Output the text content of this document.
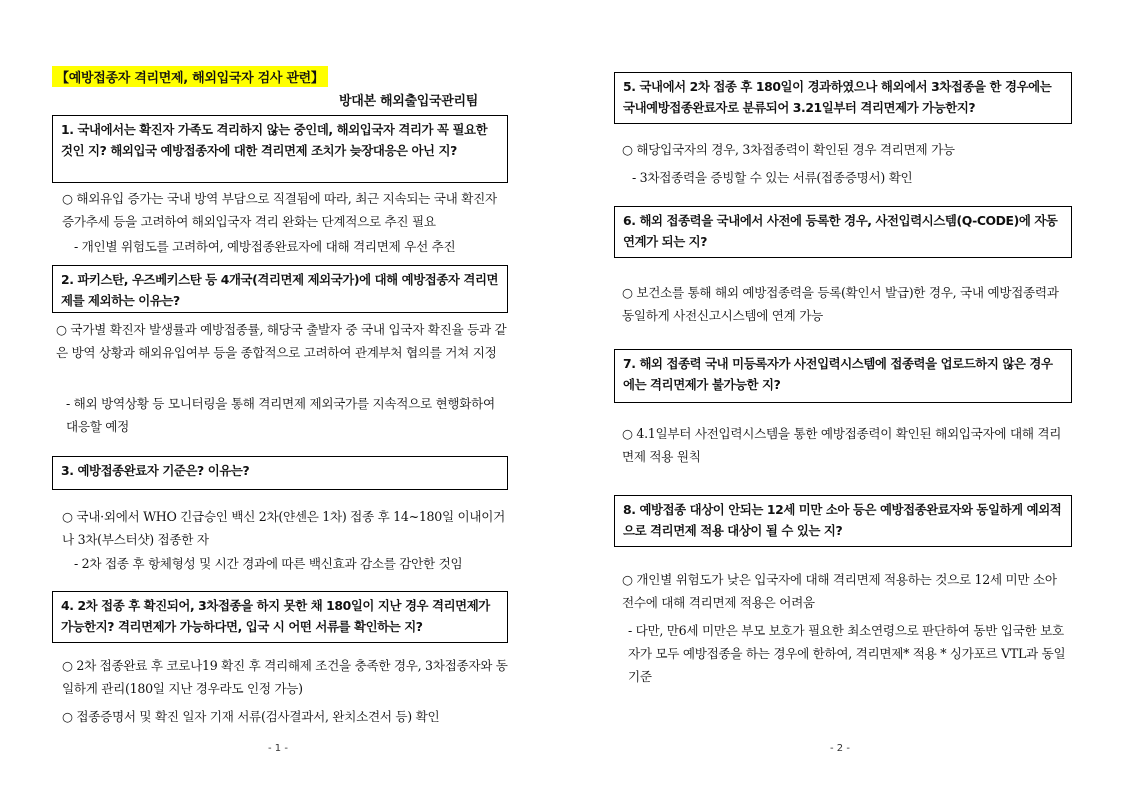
【예방접종자 격리면제, 해외입국자 검사 관련】
방대본 해외출입국관리팀
1. 국내에서는 확진자 가족도 격리하지 않는 중인데, 해외입국자 격리가 꼭 필요한 것인 지? 해외입국 예방접종자에 대한 격리면제 조치가 늦장대응은 아닌 지?
○ 해외유입 증가는 국내 방역 부담으로 직결됨에 따라, 최근 지속되는 국내 확진자 증가추세 등을 고려하여 해외입국자 격리 완화는 단계적으로 추진 필요
- 개인별 위험도를 고려하여, 예방접종완료자에 대해 격리면제 우선 추진
2. 파키스탄, 우즈베키스탄 등 4개국(격리면제 제외국가)에 대해 예방접종자 격리면제를 제외하는 이유는?
○ 국가별 확진자 발생률과 예방접종률, 해당국 출발자 중 국내 입국자 확진율 등과 같은 방역 상황과 해외유입여부 등을 종합적으로 고려하여 관계부처 협의를 거쳐 지정
- 해외 방역상황 등 모니터링을 통해 격리면제 제외국가를 지속적으로 현행화하여 대응할 예정
3. 예방접종완료자 기준은? 이유는?
○ 국내·외에서 WHO 긴급승인 백신 2차(얀센은 1차) 접종 후 14~180일 이내이거나 3차(부스터샷) 접종한 자
- 2차 접종 후 항체형성 및 시간 경과에 따른 백신효과 감소를 감안한 것임
4. 2차 접종 후 확진되어, 3차접종을 하지 못한 채 180일이 지난 경우 격리면제가 가능한지? 격리면제가 가능하다면, 입국 시 어떤 서류를 확인하는 지?
○ 2차 접종완료 후 코로나19 확진 후 격리해제 조건을 충족한 경우, 3차접종자와 동일하게 관리(180일 지난 경우라도 인정 가능)
○ 접종증명서 및 확진 일자 기재 서류(검사결과서, 완치소견서 등) 확인
- 1 -
5. 국내에서 2차 접종 후 180일이 경과하였으나 해외에서 3차접종을 한 경우에는 국내예방접종완료자로 분류되어 3.21일부터 격리면제가 가능한지?
○ 해당입국자의 경우, 3차접종력이 확인된 경우 격리면제 가능
- 3차접종력을 증빙할 수 있는 서류(접종증명서) 확인
6. 해외 접종력을 국내에서 사전에 등록한 경우, 사전입력시스템(Q-CODE)에 자동 연계가 되는 지?
○ 보건소를 통해 해외 예방접종력을 등록(확인서 발급)한 경우, 국내 예방접종력과 동일하게 사전신고시스템에 연계 가능
7. 해외 접종력 국내 미등록자가 사전입력시스템에 접종력을 업로드하지 않은 경우에는 격리면제가 불가능한 지?
○ 4.1일부터 사전입력시스템을 통한 예방접종력이 확인된 해외입국자에 대해 격리면제 적용 원칙
8. 예방접종 대상이 안되는 12세 미만 소아 등은 예방접종완료자와 동일하게 예외적으로 격리면제 적용 대상이 될 수 있는 지?
○ 개인별 위험도가 낮은 입국자에 대해 격리면제 적용하는 것으로 12세 미만 소아 전수에 대해 격리면제 적용은 어려움
- 다만, 만6세 미만은 부모 보호가 필요한 최소연령으로 판단하여 동반 입국한 보호자가 모두 예방접종을 하는 경우에 한하여, 격리면제* 적용 * 싱가포르 VTL과 동일 기준
- 2 -
